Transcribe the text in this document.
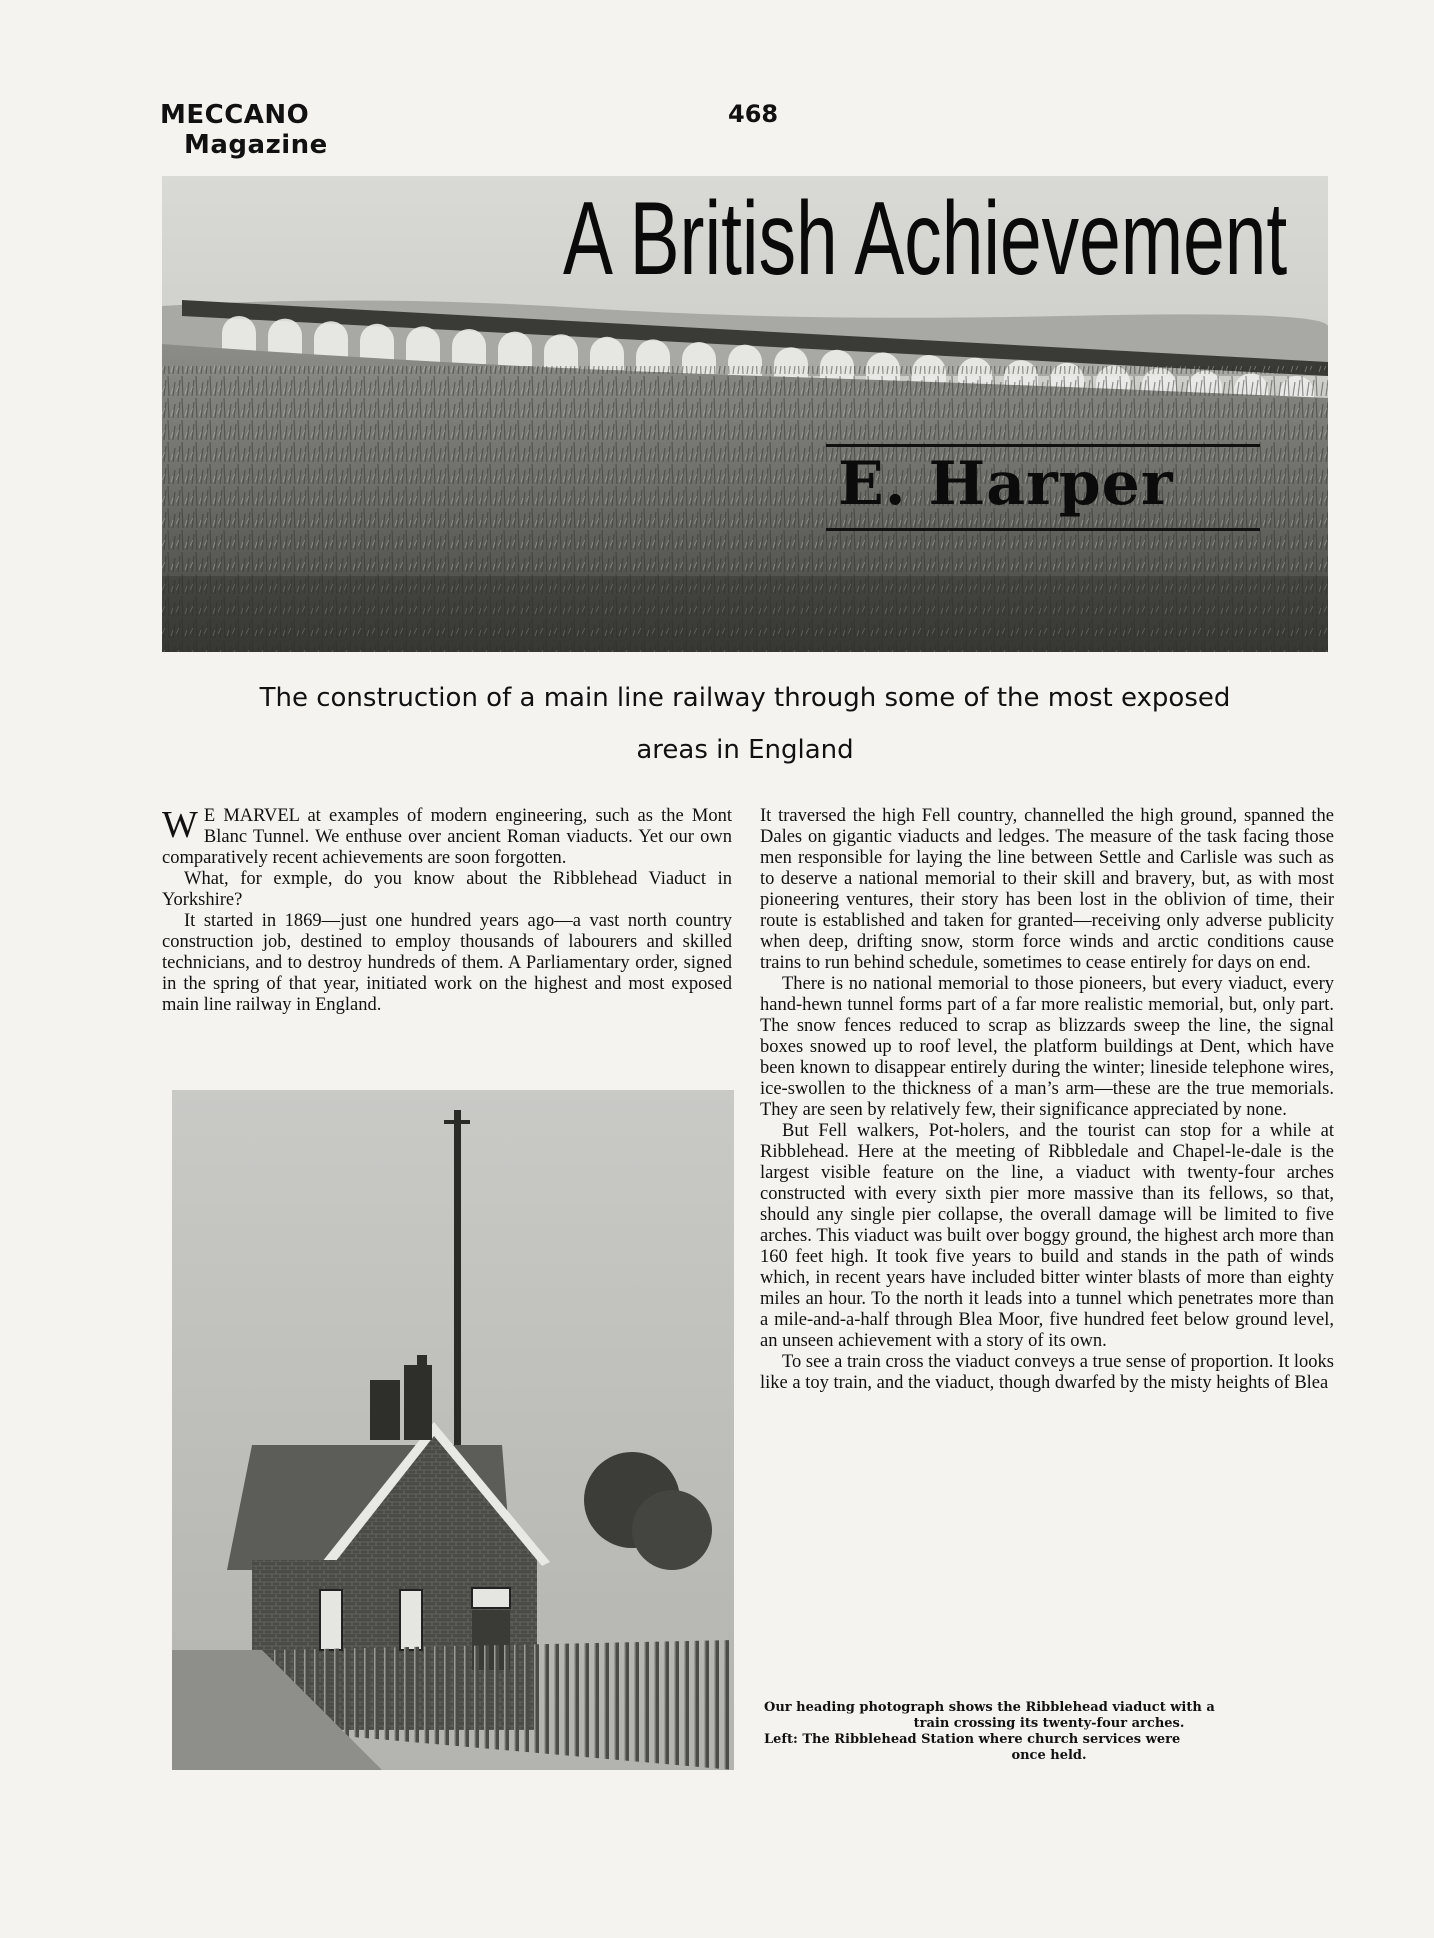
MECCANO
Magazine
468
A British Achievement
E. Harper
The construction of a main line railway through some of the most exposed
areas in England

W E MARVEL at examples of modern engineering, such as the Mont Blanc Tunnel. We enthuse over ancient Roman viaducts. Yet our own comparatively recent achievements are soon forgotten.

What, for exmple, do you know about the Ribblehead Viaduct in Yorkshire?

It started in 1869—just one hundred years ago—a vast north country construction job, destined to employ thousands of labourers and skilled technicians, and to destroy hundreds of them. A Parliamentary order, signed in the spring of that year, initiated work on the highest and most exposed main line railway in England.

It traversed the high Fell country, channelled the high ground, spanned the Dales on gigantic viaducts and ledges. The measure of the task facing those men responsible for laying the line between Settle and Carlisle was such as to deserve a national memorial to their skill and bravery, but, as with most pioneering ventures, their story has been lost in the oblivion of time, their route is established and taken for granted—receiving only adverse publicity when deep, drifting snow, storm force winds and arctic conditions cause trains to run behind schedule, sometimes to cease entirely for days on end.

There is no national memorial to those pioneers, but every viaduct, every hand-hewn tunnel forms part of a far more realistic memorial, but, only part. The snow fences reduced to scrap as blizzards sweep the line, the signal boxes snowed up to roof level, the platform buildings at Dent, which have been known to disappear entirely during the winter; lineside telephone wires, ice-swollen to the thickness of a man’s arm—these are the true memorials. They are seen by relatively few, their significance appreciated by none.

But Fell walkers, Pot-holers, and the tourist can stop for a while at Ribblehead. Here at the meeting of Ribbledale and Chapel-le-dale is the largest visible feature on the line, a viaduct with twenty-four arches constructed with every sixth pier more massive than its fellows, so that, should any single pier collapse, the overall damage will be limited to five arches. This viaduct was built over boggy ground, the highest arch more than 160 feet high. It took five years to build and stands in the path of winds which, in recent years have included bitter winter blasts of more than eighty miles an hour. To the north it leads into a tunnel which penetrates more than a mile-and-a-half through Blea Moor, five hundred feet below ground level, an unseen achievement with a story of its own.

To see a train cross the viaduct conveys a true sense of proportion. It looks like a toy train, and the viaduct, though dwarfed by the misty heights of Blea

Our heading photograph shows the Ribblehead viaduct with a
train crossing its twenty-four arches.
Left: The Ribblehead Station where church services were
once held.
